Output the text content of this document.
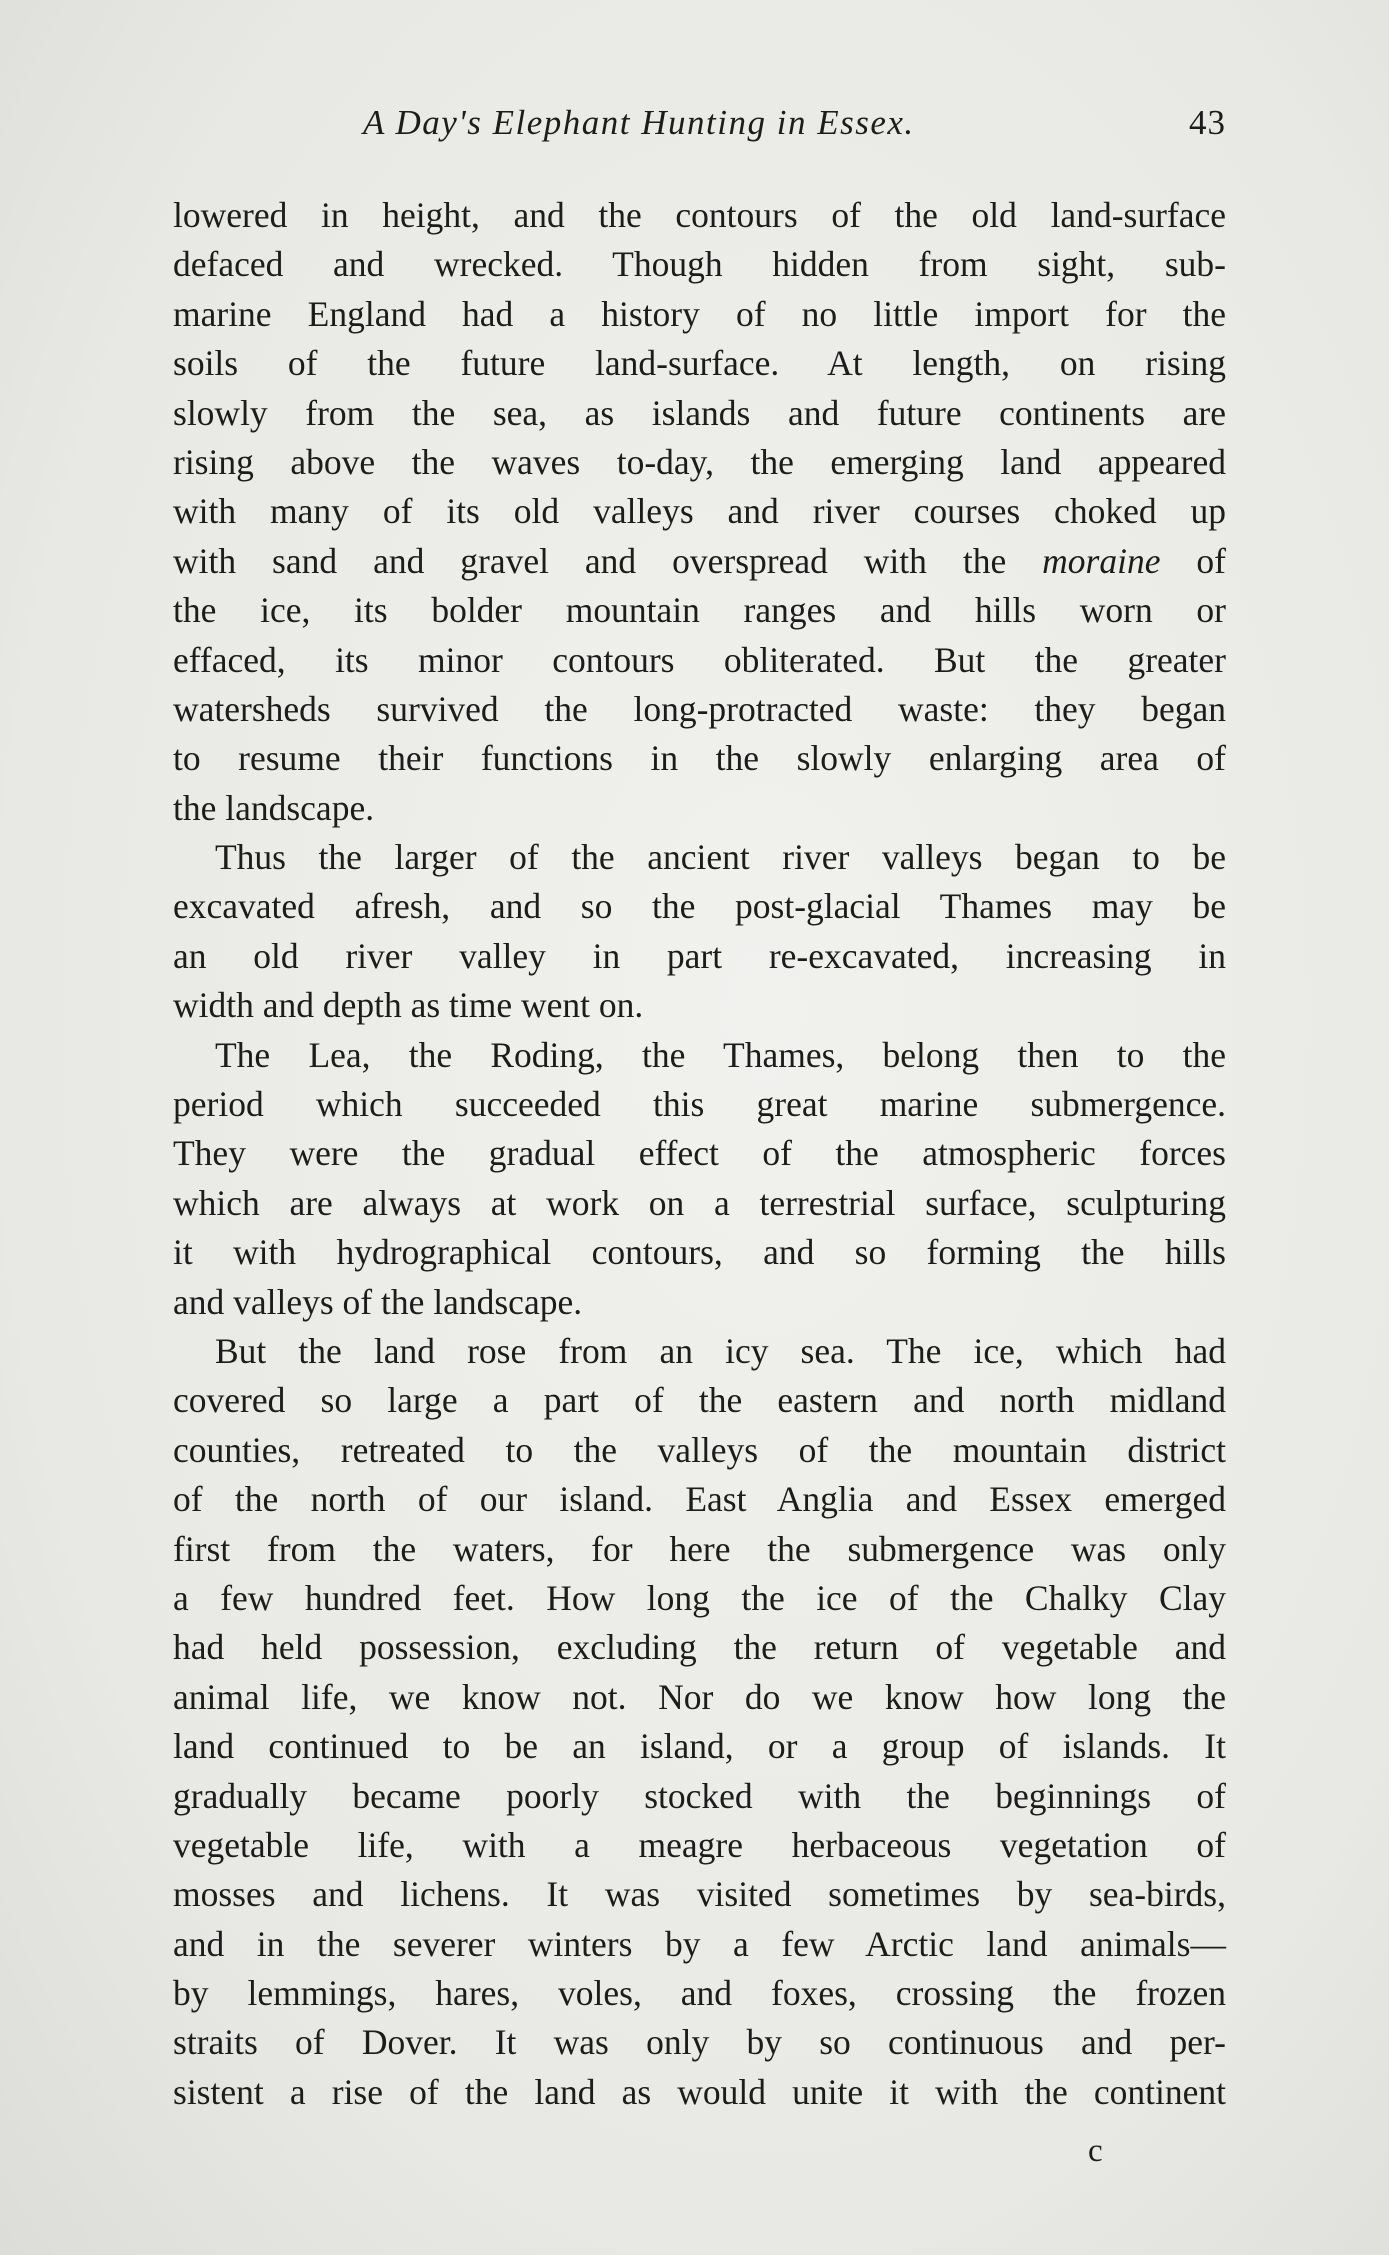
A Day's Elephant Hunting in Essex.	43
lowered in height, and the contours of the old land-surface
defaced and wrecked. Though hidden from sight, sub-
marine England had a history of no little import for the
soils of the future land-surface. At length, on rising
slowly from the sea, as islands and future continents are
rising above the waves to-day, the emerging land appeared
with many of its old valleys and river courses choked up
with sand and gravel and overspread with the moraine of
the ice, its bolder mountain ranges and hills worn or
effaced, its minor contours obliterated. But the greater
watersheds survived the long-protracted waste: they began
to resume their functions in the slowly enlarging area of
the landscape.
Thus the larger of the ancient river valleys began to be
excavated afresh, and so the post-glacial Thames may be
an old river valley in part re-excavated, increasing in
width and depth as time went on.
The Lea, the Roding, the Thames, belong then to the
period which succeeded this great marine submergence.
They were the gradual effect of the atmospheric forces
which are always at work on a terrestrial surface, sculpturing
it with hydrographical contours, and so forming the hills
and valleys of the landscape.
But the land rose from an icy sea. The ice, which had
covered so large a part of the eastern and north midland
counties, retreated to the valleys of the mountain district
of the north of our island. East Anglia and Essex emerged
first from the waters, for here the submergence was only
a few hundred feet. How long the ice of the Chalky Clay
had held possession, excluding the return of vegetable and
animal life, we know not. Nor do we know how long the
land continued to be an island, or a group of islands. It
gradually became poorly stocked with the beginnings of
vegetable life, with a meagre herbaceous vegetation of
mosses and lichens. It was visited sometimes by sea-birds,
and in the severer winters by a few Arctic land animals—
by lemmings, hares, voles, and foxes, crossing the frozen
straits of Dover. It was only by so continuous and per-
sistent a rise of the land as would unite it with the continent
c
